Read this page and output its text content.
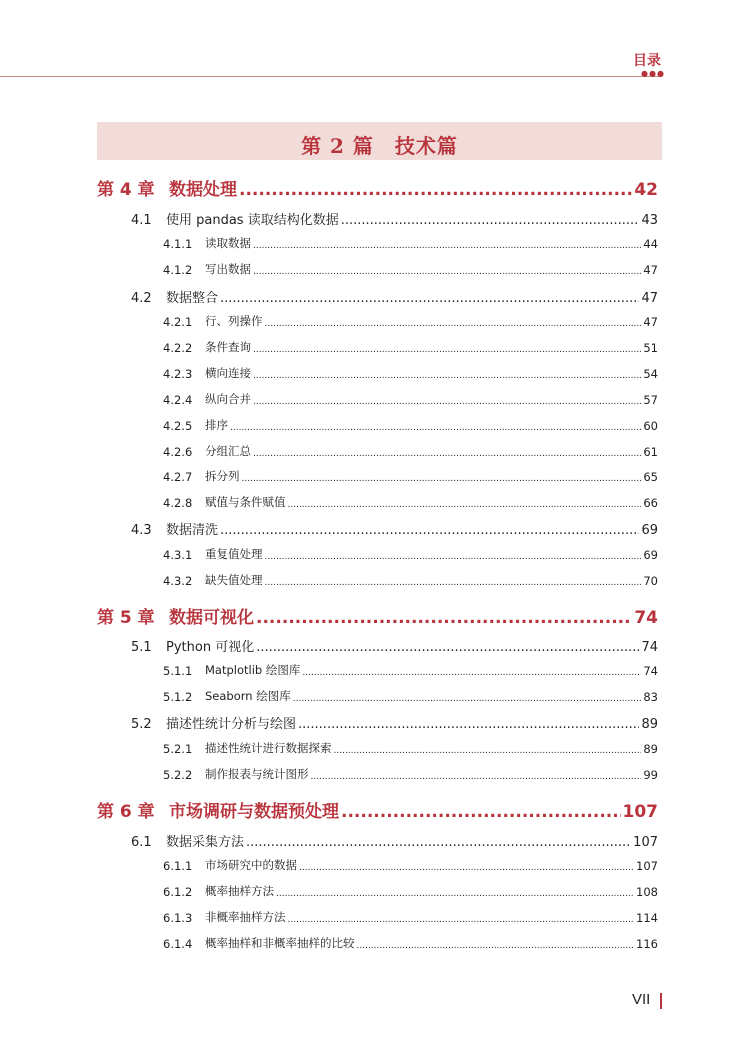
目录
●●●
第 2 篇　技术篇
第 4 章 数据处理 .....	42
4.1	使用 pandas 读取结构化数据 .....	43
4.1.1	读取数据 .....	44
4.1.2	写出数据 .....	47
4.2	数据整合 .....	47
4.2.1	行、列操作 .....	47
4.2.2	条件查询 .....	51
4.2.3	横向连接 .....	54
4.2.4	纵向合并 .....	57
4.2.5	排序 .....	60
4.2.6	分组汇总 .....	61
4.2.7	拆分列 .....	65
4.2.8	赋值与条件赋值 .....	66
4.3	数据清洗 .....	69
4.3.1	重复值处理 .....	69
4.3.2	缺失值处理 .....	70
第 5 章 数据可视化 .....	74
5.1	Python 可视化 .....	74
5.1.1	Matplotlib 绘图库 .....	74
5.1.2	Seaborn 绘图库 .....	83
5.2	描述性统计分析与绘图 .....	89
5.2.1	描述性统计进行数据探索 .....	89
5.2.2	制作报表与统计图形 .....	99
第 6 章 市场调研与数据预处理 .....	107
6.1	数据采集方法 .....	107
6.1.1	市场研究中的数据 .....	107
6.1.2	概率抽样方法 .....	108
6.1.3	非概率抽样方法 .....	114
6.1.4	概率抽样和非概率抽样的比较 .....	116
VII
